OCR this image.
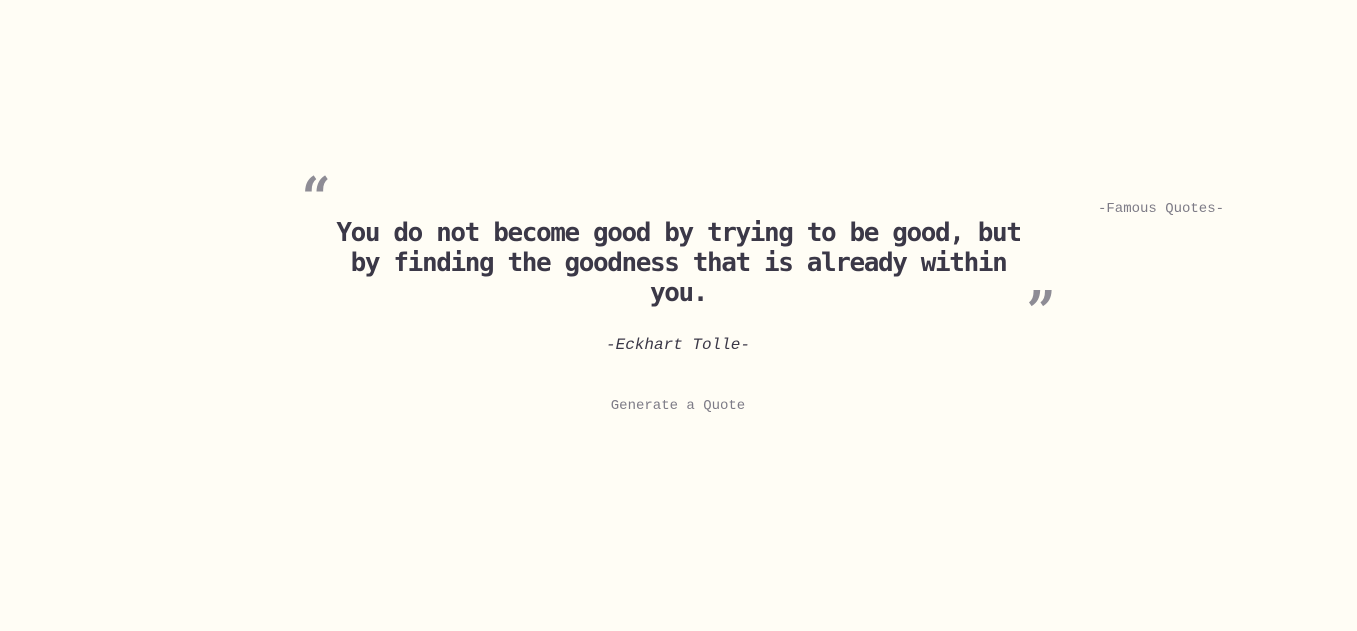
-Famous Quotes-
“

You do not become good by trying to be good, but by finding the goodness that is already within you.	”
-Eckhart Tolle-
Generate a Quote
